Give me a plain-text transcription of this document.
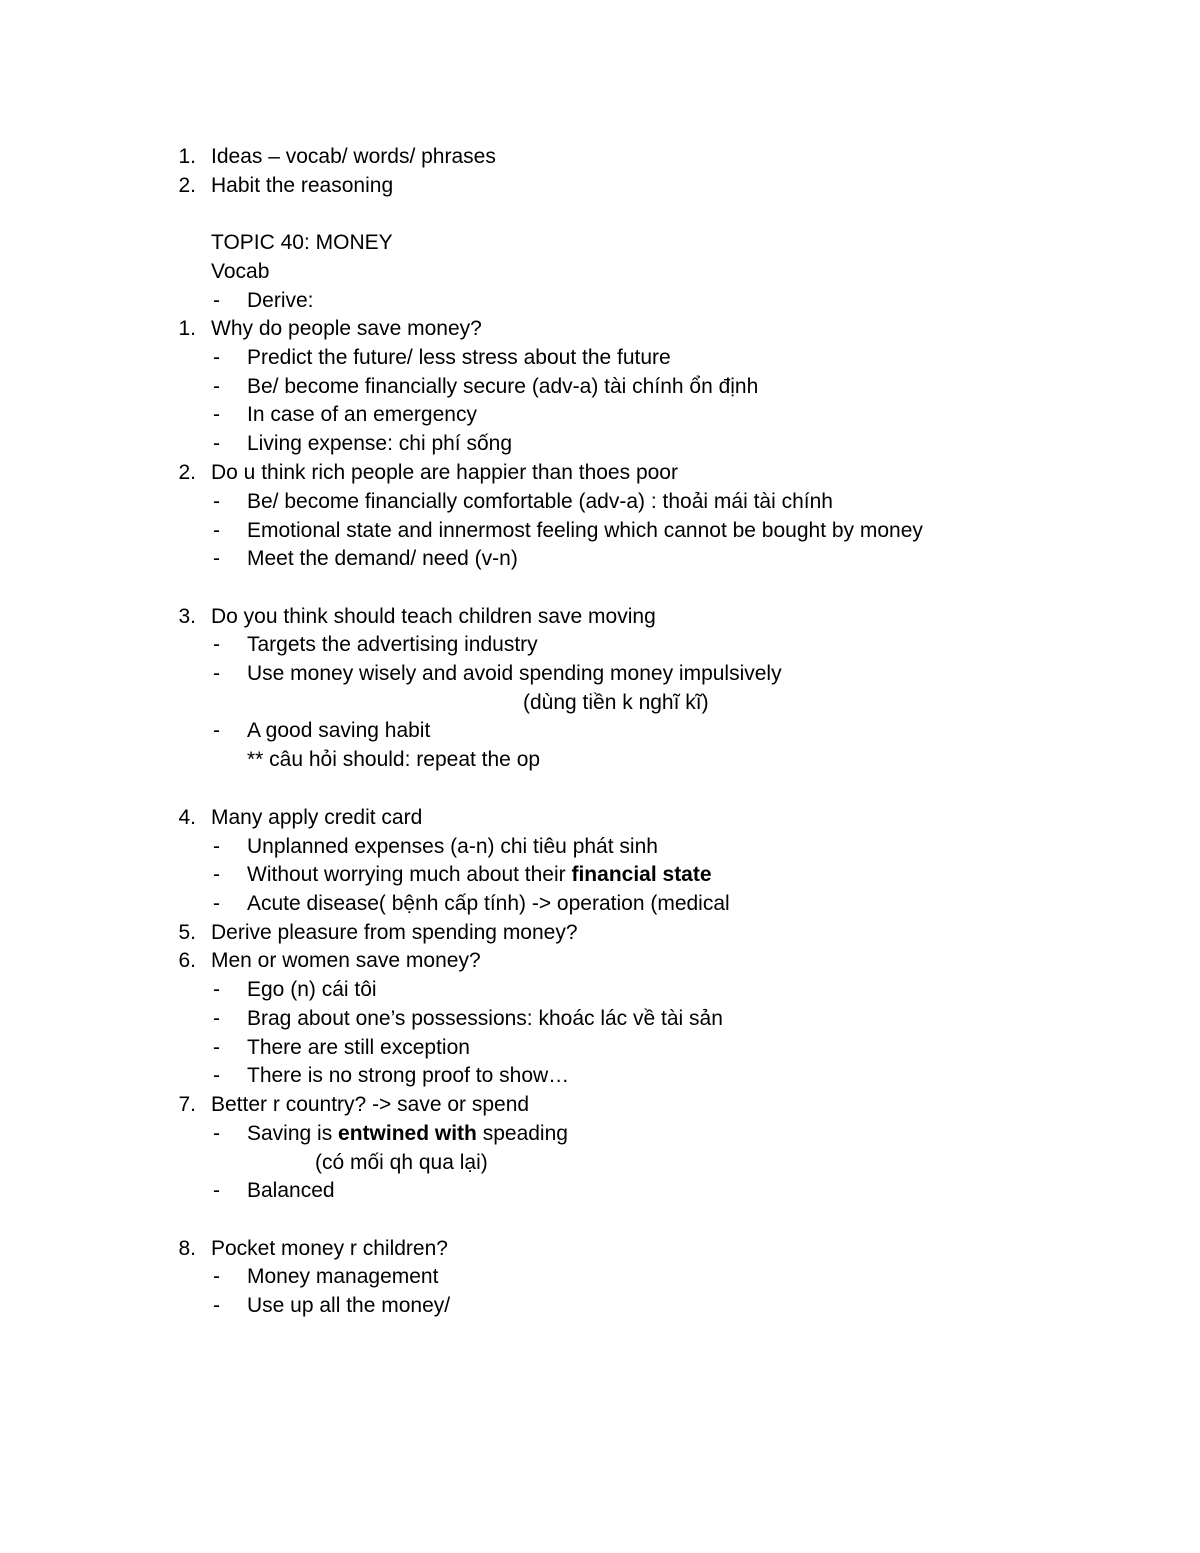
1. Ideas – vocab/ words/ phrases
2. Habit the reasoning
TOPIC 40: MONEY
Vocab
- Derive:
1. Why do people save money?
- Predict the future/ less stress about the future
- Be/ become financially secure (adv-a) tài chính ổn định
- In case of an emergency
- Living expense: chi phí sống
2. Do u think rich people are happier than thoes poor
- Be/ become financially comfortable (adv-a) : thoải mái tài chính
- Emotional state and innermost feeling which cannot be bought by money
- Meet the demand/ need (v-n)
3. Do you think should teach children save moving
- Targets the advertising industry
- Use money wisely and avoid spending money impulsively
(dùng tiền k nghĩ kĩ)
- A good saving habit
** câu hỏi should: repeat the op
4. Many apply credit card
- Unplanned expenses (a-n) chi tiêu phát sinh
- Without worrying much about their financial state
- Acute disease( bệnh cấp tính) -> operation (medical
5. Derive pleasure from spending money?
6. Men or women save money?
- Ego (n) cái tôi
- Brag about one’s possessions: khoác lác về tài sản
- There are still exception
- There is no strong proof to show…
7. Better r country? -> save or spend
- Saving is entwined with speading
(có mối qh qua lại)
- Balanced
8. Pocket money r children?
- Money management
- Use up all the money/
